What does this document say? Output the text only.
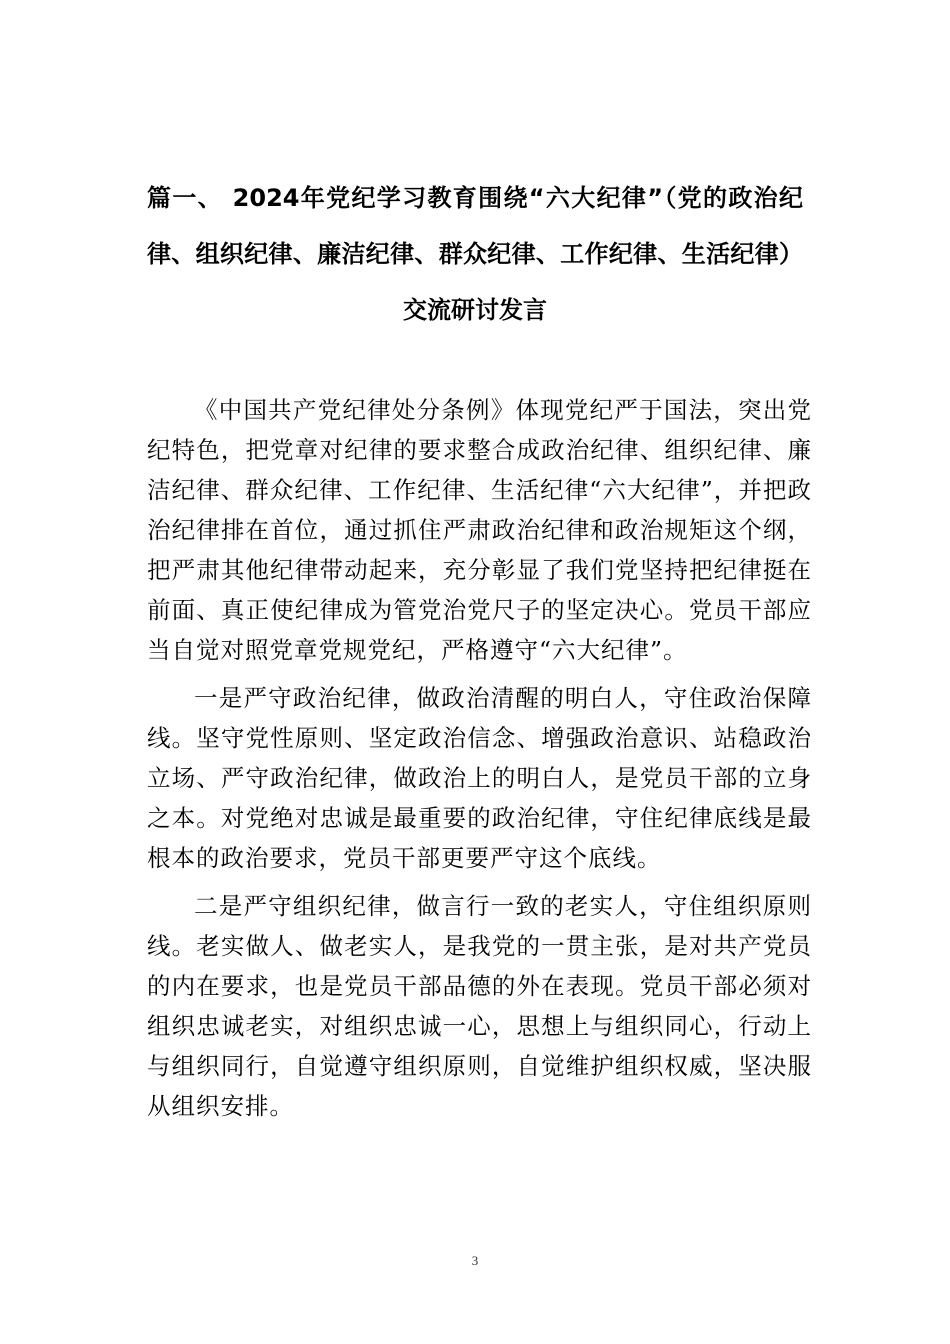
篇一、 2024年党纪学习教育围绕“六大纪律”（党的政治纪律、组织纪律、廉洁纪律、群众纪律、工作纪律、生活纪律）交流研讨发言

《中国共产党纪律处分条例》体现党纪严于国法，突出党纪特色，把党章对纪律的要求整合成政治纪律、组织纪律、廉洁纪律、群众纪律、工作纪律、生活纪律“六大纪律”，并把政治纪律排在首位，通过抓住严肃政治纪律和政治规矩这个纲，把严肃其他纪律带动起来，充分彰显了我们党坚持把纪律挺在前面、真正使纪律成为管党治党尺子的坚定决心。党员干部应当自觉对照党章党规党纪，严格遵守“六大纪律”。

一是严守政治纪律，做政治清醒的明白人，守住政治保障线。坚守党性原则、坚定政治信念、增强政治意识、站稳政治立场、严守政治纪律，做政治上的明白人，是党员干部的立身之本。对党绝对忠诚是最重要的政治纪律，守住纪律底线是最根本的政治要求，党员干部更要严守这个底线。

二是严守组织纪律，做言行一致的老实人，守住组织原则线。老实做人、做老实人，是我党的一贯主张，是对共产党员的内在要求，也是党员干部品德的外在表现。党员干部必须对组织忠诚老实，对组织忠诚一心，思想上与组织同心，行动上与组织同行，自觉遵守组织原则，自觉维护组织权威，坚决服从组织安排。

3
